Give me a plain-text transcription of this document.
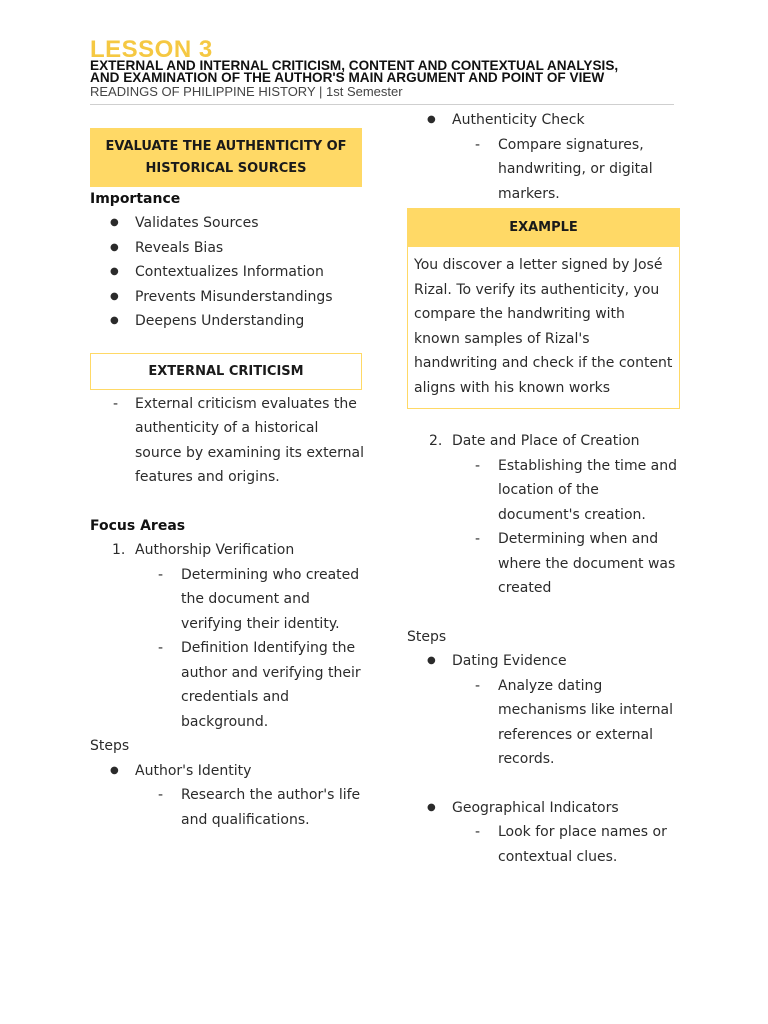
LESSON 3
EXTERNAL AND INTERNAL CRITICISM, CONTENT AND CONTEXTUAL ANALYSIS,
AND EXAMINATION OF THE AUTHOR'S MAIN ARGUMENT AND POINT OF VIEW
READINGS OF PHILIPPINE HISTORY | 1st Semester
EVALUATE THE AUTHENTICITY OF
HISTORICAL SOURCES
Importance
● Validates Sources
● Reveals Bias
● Contextualizes Information
● Prevents Misunderstandings
● Deepens Understanding
EXTERNAL CRITICISM
- External criticism evaluates the authenticity of a historical source by examining its external features and origins.
Focus Areas
1. Authorship Verification
- Determining who created the document and verifying their identity.
- Definition Identifying the author and verifying their credentials and background.
Steps
● Author's Identity
- Research the author's life and qualifications.
● Authenticity Check
- Compare signatures, handwriting, or digital markers.
EXAMPLE
You discover a letter signed by José Rizal. To verify its authenticity, you compare the handwriting with known samples of Rizal's handwriting and check if the content aligns with his known works
2. Date and Place of Creation
- Establishing the time and location of the document's creation.
- Determining when and where the document was created
Steps
● Dating Evidence
- Analyze dating mechanisms like internal references or external records.
● Geographical Indicators
- Look for place names or contextual clues.
